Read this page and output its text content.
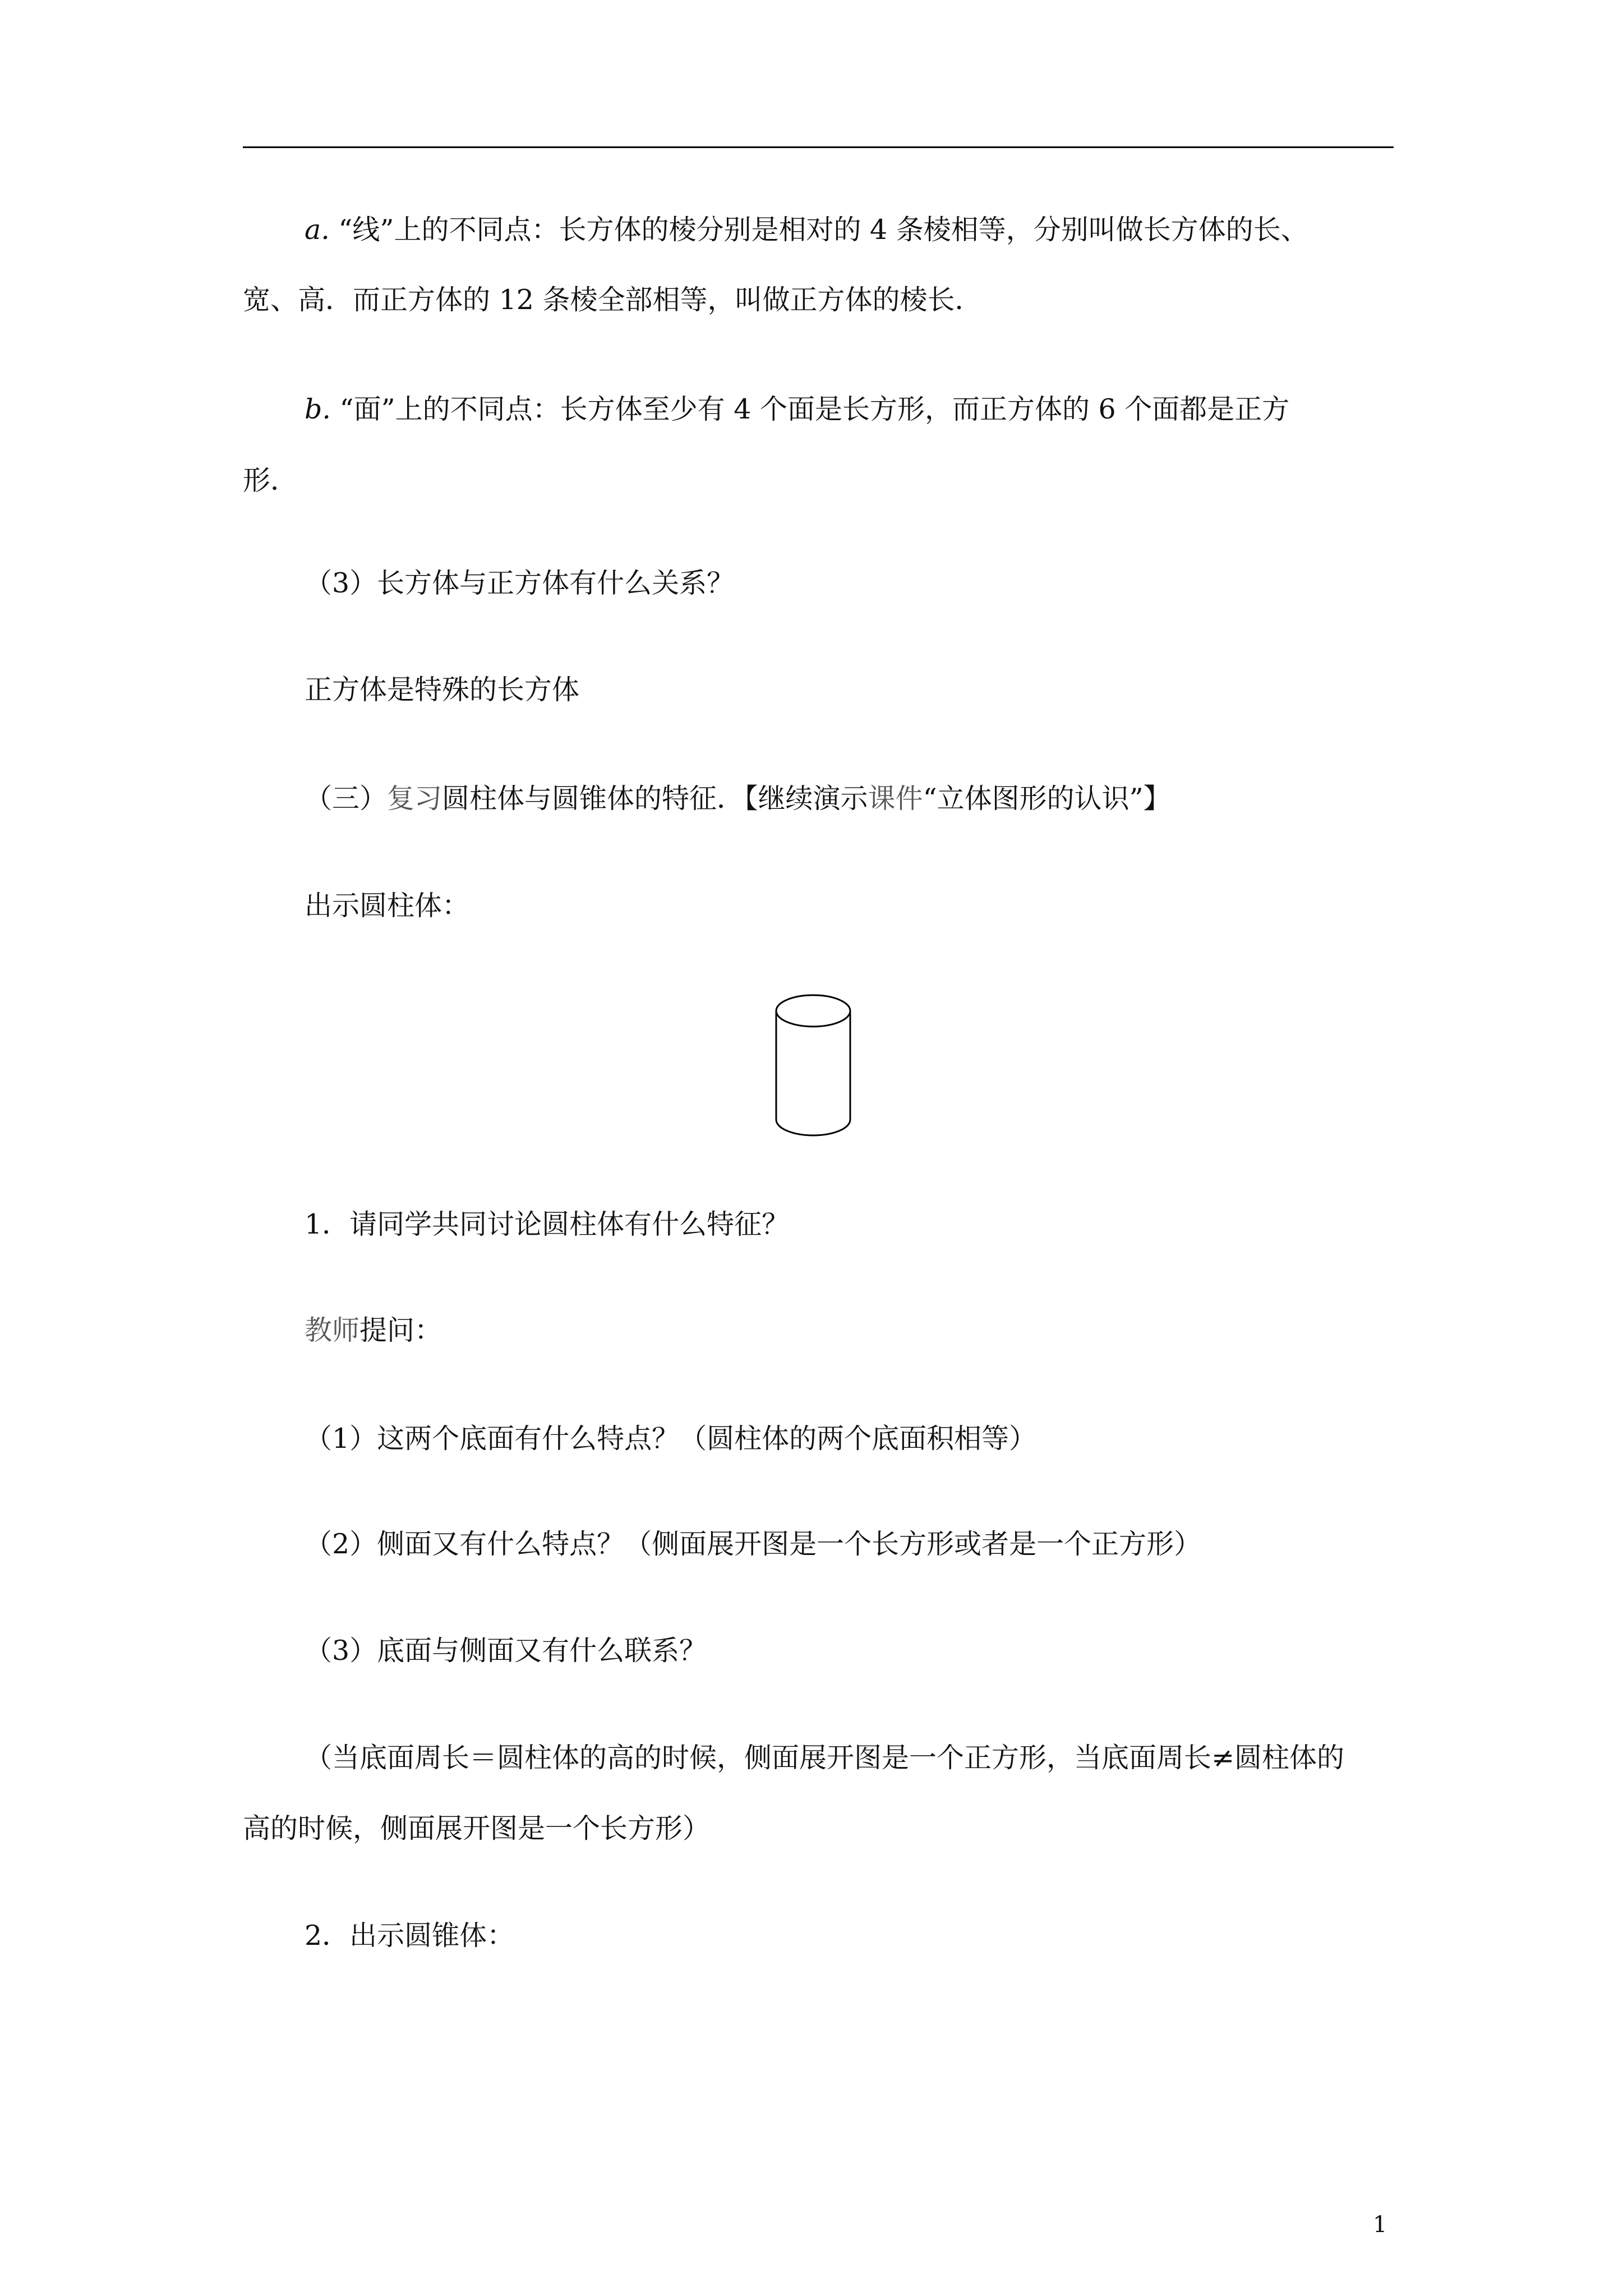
a. “线”上的不同点：长方体的棱分别是相对的 4 条棱相等，分别叫做长方体的长、
宽、高．而正方体的 12 条棱全部相等，叫做正方体的棱长．
b. “面”上的不同点：长方体至少有 4 个面是长方形，而正方体的 6 个面都是正方
形．
（3）长方体与正方体有什么关系？
正方体是特殊的长方体
（三）复习圆柱体与圆锥体的特征．【继续演示课件“立体图形的认识”】
出示圆柱体：
1．请同学共同讨论圆柱体有什么特征？
教师提问：
（1）这两个底面有什么特点？（圆柱体的两个底面积相等）
（2）侧面又有什么特点？（侧面展开图是一个长方形或者是一个正方形）
（3）底面与侧面又有什么联系？
（当底面周长＝圆柱体的高的时候，侧面展开图是一个正方形，当底面周长≠圆柱体的
高的时候，侧面展开图是一个长方形）
2．出示圆锥体：
1
